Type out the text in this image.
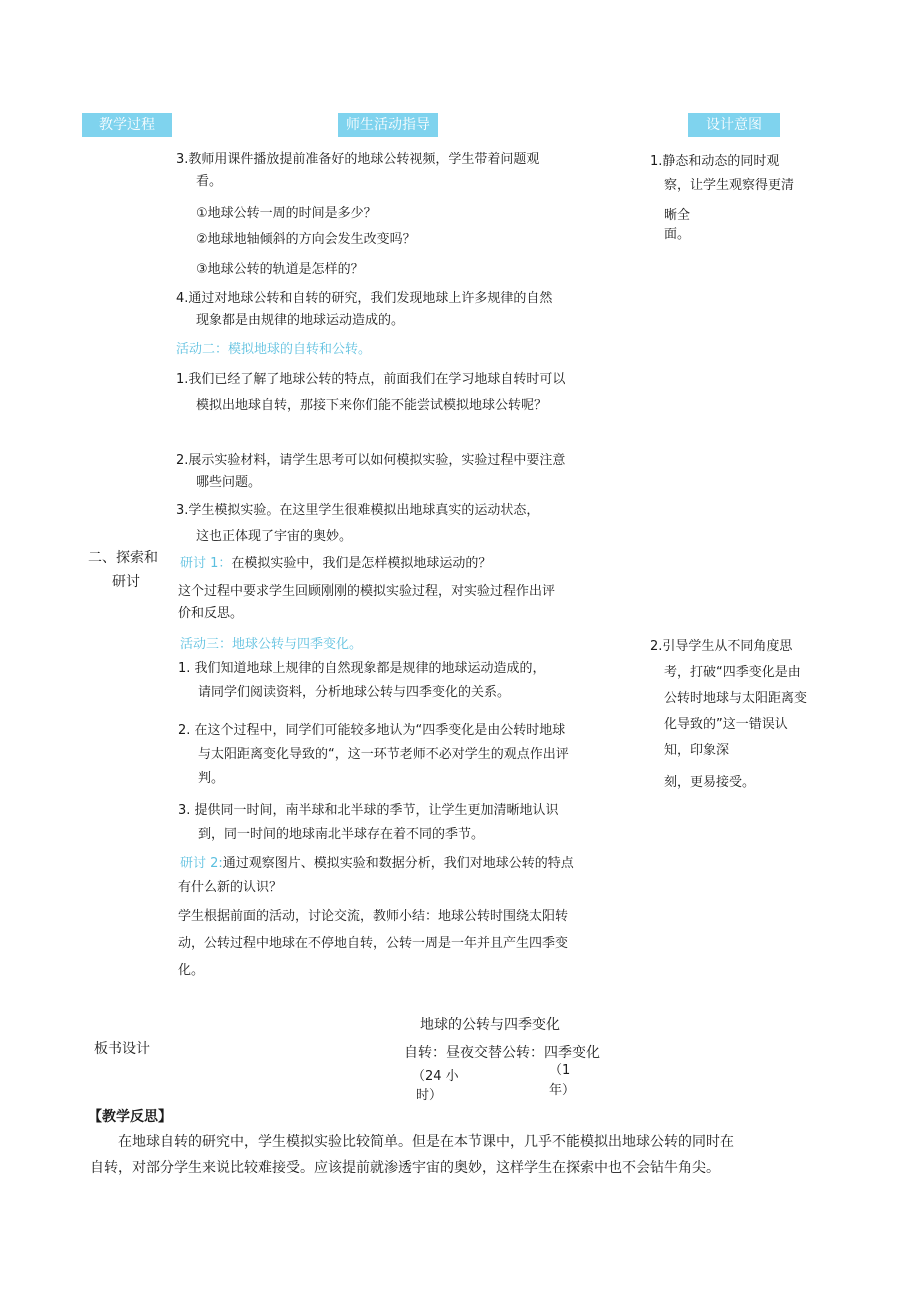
教学过程	师生活动指导	设计意图
二、探索和
研讨
3.教师用课件播放提前准备好的地球公转视频，学生带着问题观
看。
①地球公转一周的时间是多少？
②地球地轴倾斜的方向会发生改变吗？
③地球公转的轨道是怎样的？
4.通过对地球公转和自转的研究，我们发现地球上许多规律的自然
现象都是由规律的地球运动造成的。
活动二：模拟地球的自转和公转。
1.我们已经了解了地球公转的特点，前面我们在学习地球自转时可以
模拟出地球自转，那接下来你们能不能尝试模拟地球公转呢？
2.展示实验材料，请学生思考可以如何模拟实验，实验过程中要注意
哪些问题。
3.学生模拟实验。在这里学生很难模拟出地球真实的运动状态，
这也正体现了宇宙的奥妙。
研讨 1：在模拟实验中，我们是怎样模拟地球运动的？
这个过程中要求学生回顾刚刚的模拟实验过程，对实验过程作出评
价和反思。
活动三：地球公转与四季变化。
1. 我们知道地球上规律的自然现象都是规律的地球运动造成的，
请同学们阅读资料，分析地球公转与四季变化的关系。
2. 在这个过程中，同学们可能较多地认为“四季变化是由公转时地球
与太阳距离变化导致的“，这一环节老师不必对学生的观点作出评
判。
3. 提供同一时间，南半球和北半球的季节，让学生更加清晰地认识
到，同一时间的地球南北半球存在着不同的季节。
研讨 2:通过观察图片、模拟实验和数据分析，我们对地球公转的特点
有什么新的认识？
学生根据前面的活动，讨论交流，教师小结：地球公转时围绕太阳转
动，公转过程中地球在不停地自转，公转一周是一年并且产生四季变
化。
1.静态和动态的同时观
察，让学生观察得更清
晰全
面。
2.引导学生从不同角度思
考，打破“四季变化是由
公转时地球与太阳距离变
化导致的”这一错误认
知，印象深
刻，更易接受。
板书设计
地球的公转与四季变化
自转：昼夜交替公转：四季变化
（24 小
时）
（1
年）
【教学反思】
在地球自转的研究中，学生模拟实验比较简单。但是在本节课中，几乎不能模拟出地球公转的同时在
自转，对部分学生来说比较难接受。应该提前就渗透宇宙的奥妙，这样学生在探索中也不会钻牛角尖。
